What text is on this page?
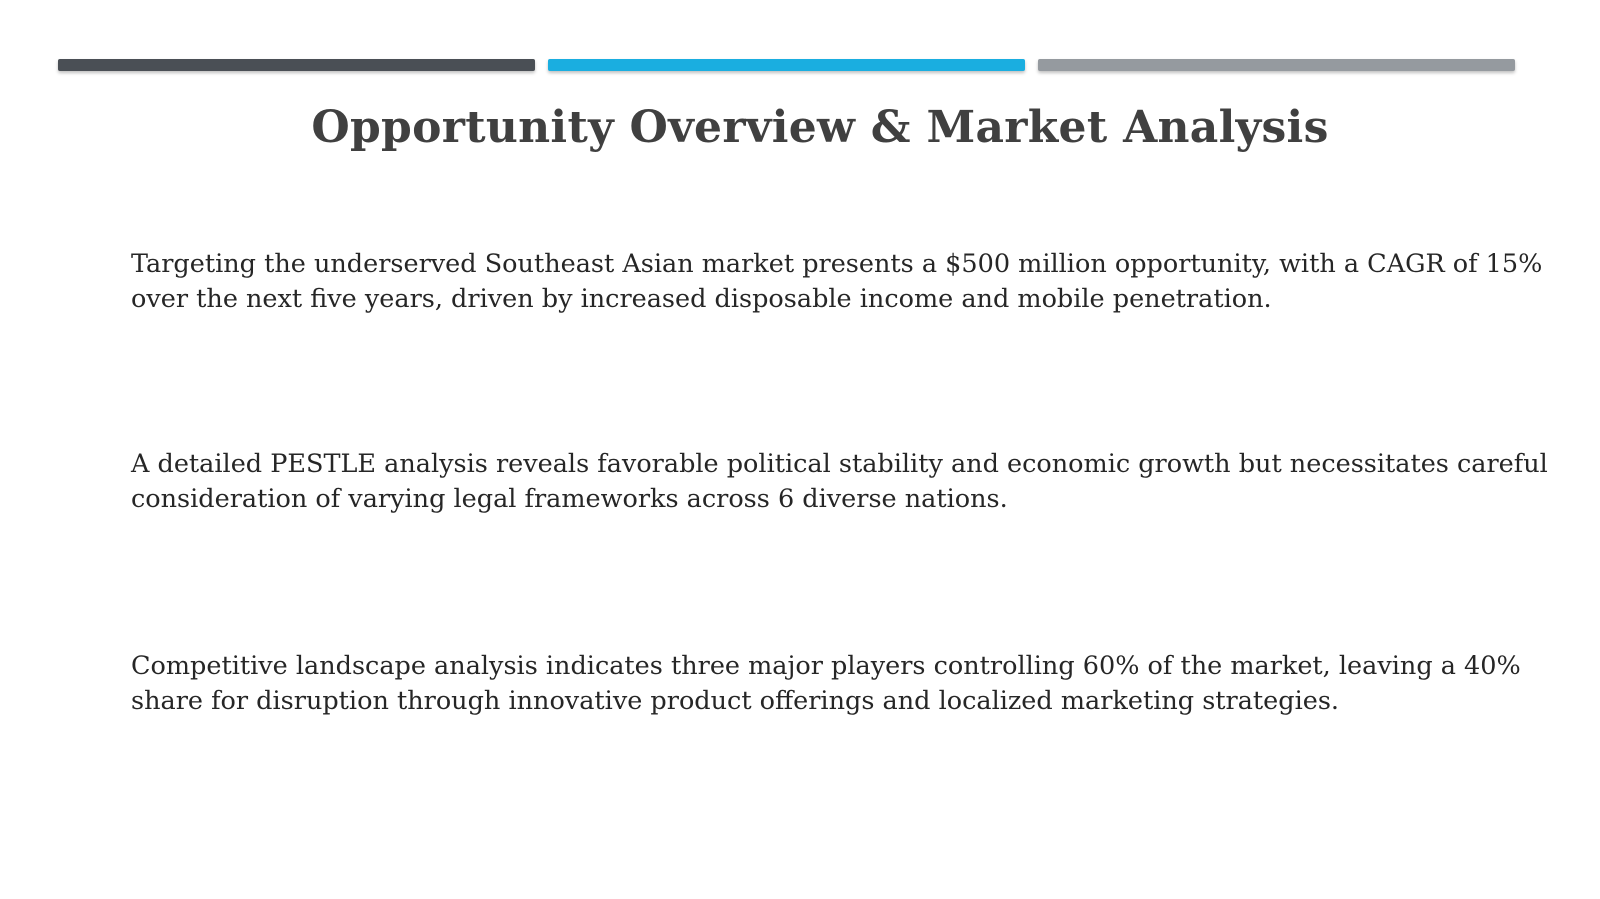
Opportunity Overview & Market Analysis

Targeting the underserved Southeast Asian market presents a $500 million opportunity, with a CAGR of 15% over the next five years, driven by increased disposable income and mobile penetration.

A detailed PESTLE analysis reveals favorable political stability and economic growth but necessitates careful consideration of varying legal frameworks across 6 diverse nations.

Competitive landscape analysis indicates three major players controlling 60% of the market, leaving a 40% share for disruption through innovative product offerings and localized marketing strategies.
